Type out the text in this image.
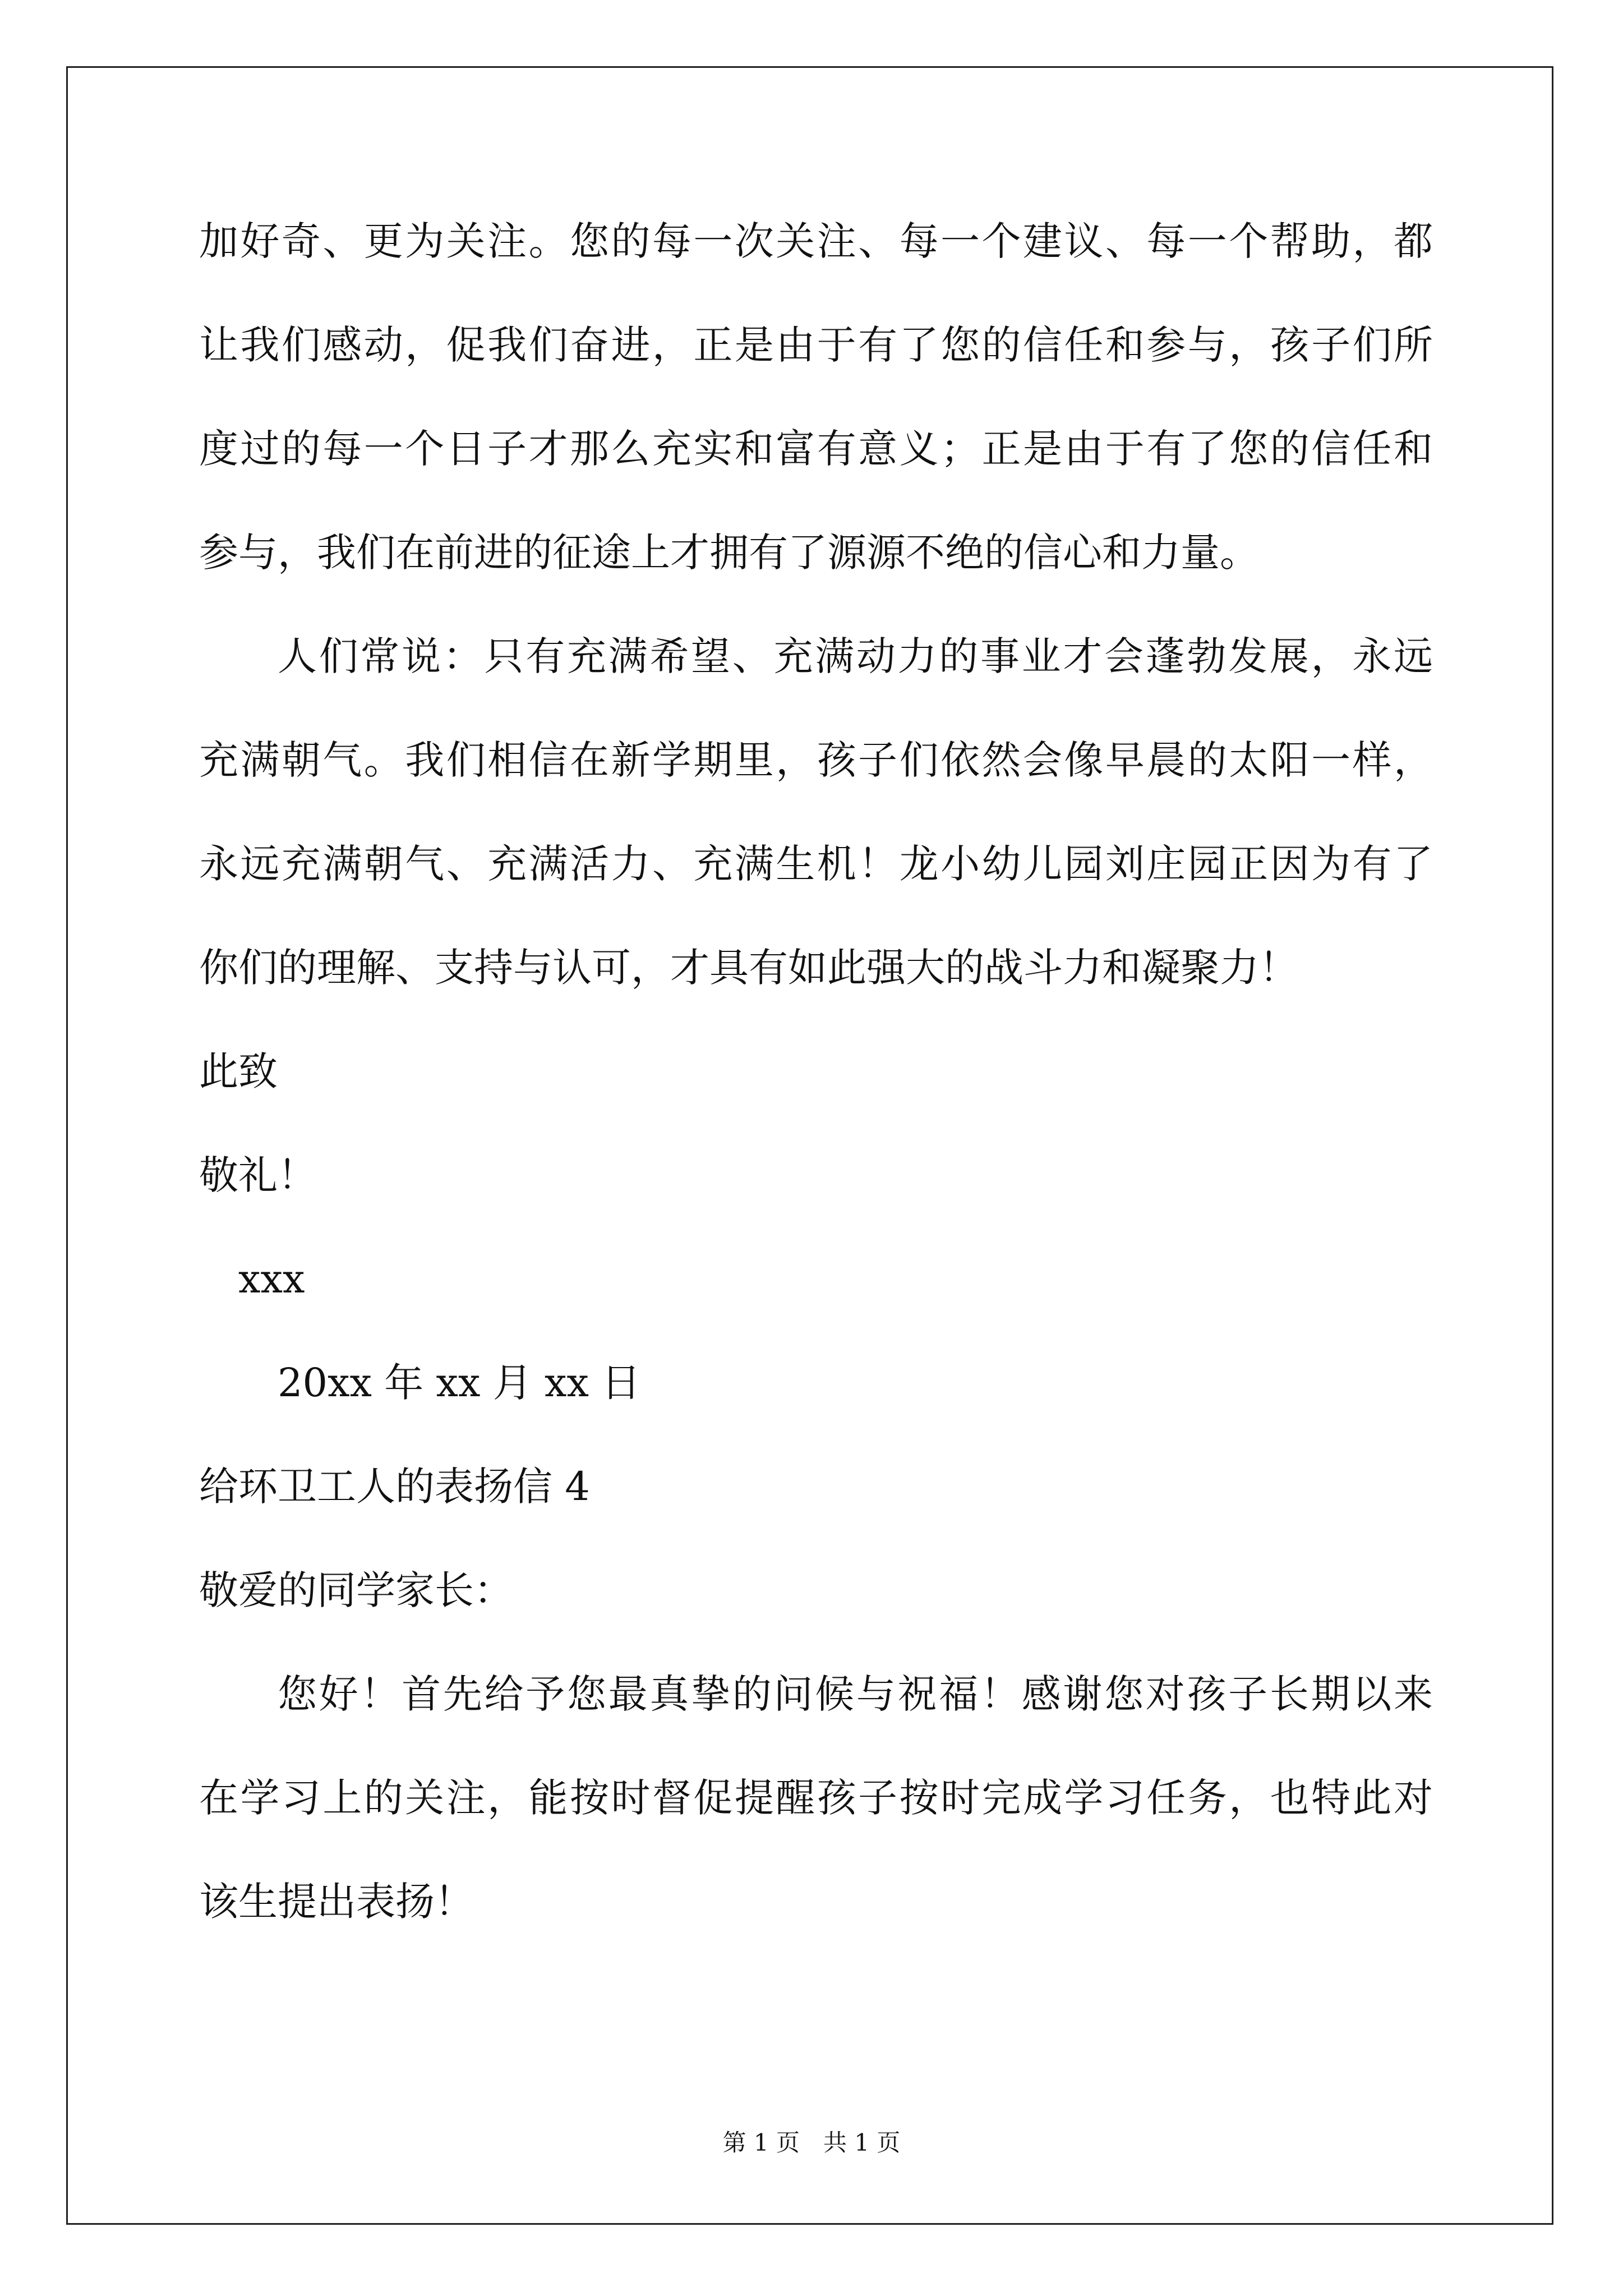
加好奇、更为关注。您的每一次关注、每一个建议、每一个帮助，都
让我们感动，促我们奋进，正是由于有了您的信任和参与，孩子们所
度过的每一个日子才那么充实和富有意义；正是由于有了您的信任和
参与，我们在前进的征途上才拥有了源源不绝的信心和力量。
人们常说：只有充满希望、充满动力的事业才会蓬勃发展，永远
充满朝气。我们相信在新学期里，孩子们依然会像早晨的太阳一样，
永远充满朝气、充满活力、充满生机！龙小幼儿园刘庄园正因为有了
你们的理解、支持与认可，才具有如此强大的战斗力和凝聚力！
此致
敬礼！
xxx
20xx 年 xx 月 xx 日
给环卫工人的表扬信 4
敬爱的同学家长：
您好！首先给予您最真挚的问候与祝福！感谢您对孩子长期以来
在学习上的关注，能按时督促提醒孩子按时完成学习任务，也特此对
该生提出表扬！
第 1 页　共 1 页
